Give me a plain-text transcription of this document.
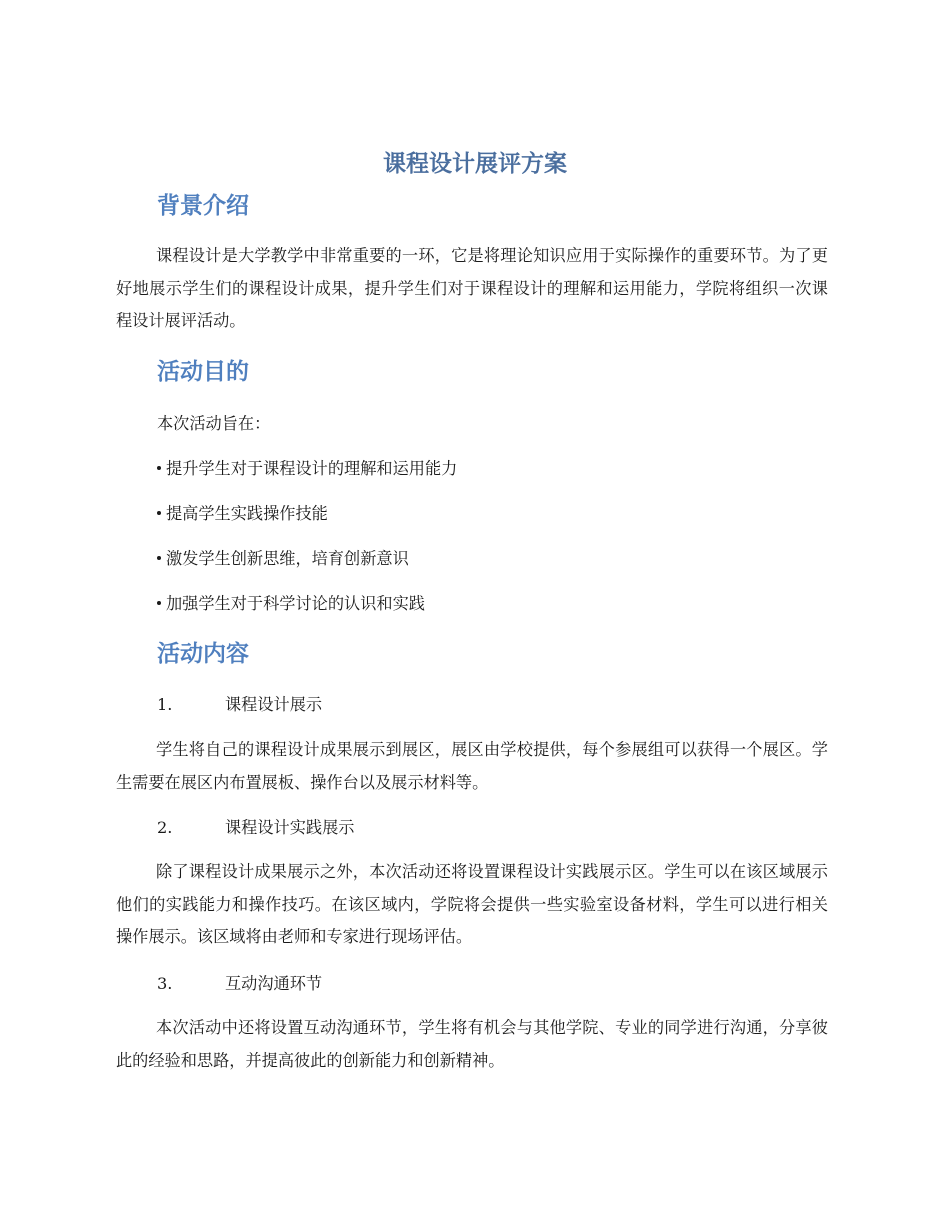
课程设计展评方案
背景介绍

课程设计是大学教学中非常重要的一环，它是将理论知识应用于实际操作的重要环节。为了更好地展示学生们的课程设计成果，提升学生们对于课程设计的理解和运用能力，学院将组织一次课程设计展评活动。

活动目的

本次活动旨在：

提升学生对于课程设计的理解和运用能力

提高学生实践操作技能

激发学生创新思维，培育创新意识

加强学生对于科学讨论的认识和实践

活动内容

1.	课程设计展示

学生将自己的课程设计成果展示到展区，展区由学校提供，每个参展组可以获得一个展区。学生需要在展区内布置展板、操作台以及展示材料等。

2.	课程设计实践展示

除了课程设计成果展示之外，本次活动还将设置课程设计实践展示区。学生可以在该区域展示他们的实践能力和操作技巧。在该区域内，学院将会提供一些实验室设备材料，学生可以进行相关操作展示。该区域将由老师和专家进行现场评估。

3.	互动沟通环节

本次活动中还将设置互动沟通环节，学生将有机会与其他学院、专业的同学进行沟通，分享彼此的经验和思路，并提高彼此的创新能力和创新精神。
